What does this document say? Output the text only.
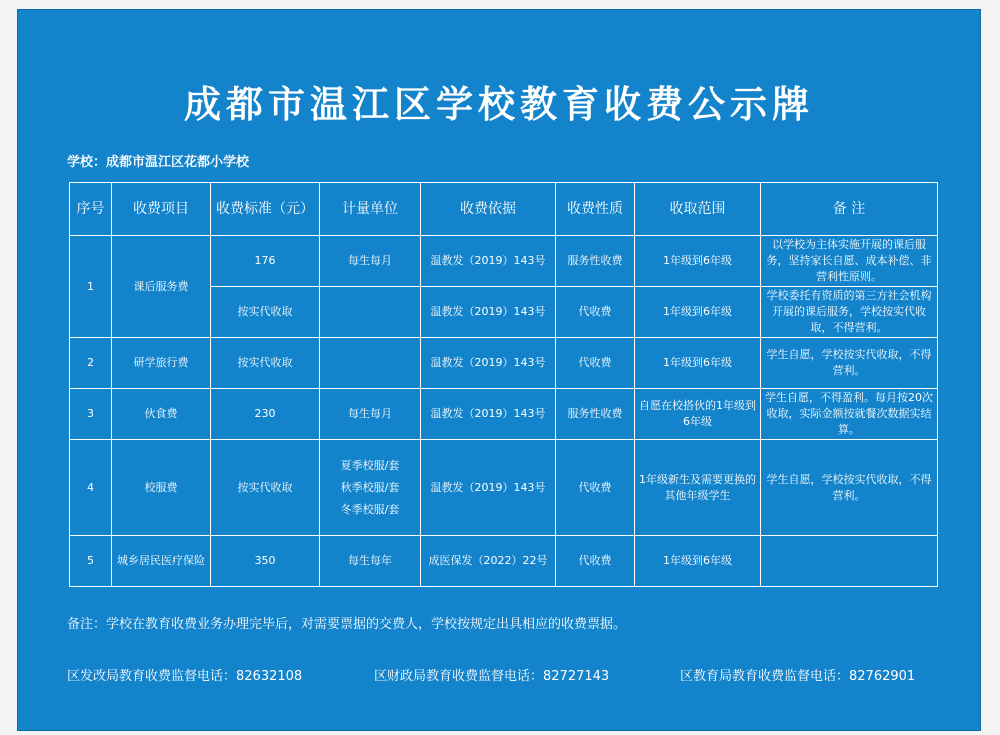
成都市温江区学校教育收费公示牌
学校：成都市温江区花都小学校
序号	收费项目	收费标准（元）	计量单位	收费依据	收费性质	收取范围	备 注
1	课后服务费	176	每生每月	温教发（2019）143号	服务性收费	1年级到6年级	以学校为主体实施开展的课后服务，坚持家长自愿、成本补偿、非营利性原则。
		按实代收取		温教发（2019）143号	代收费	1年级到6年级	学校委托有资质的第三方社会机构开展的课后服务，学校按实代收取，不得营利。
2	研学旅行费	按实代收取		温教发（2019）143号	代收费	1年级到6年级	学生自愿，学校按实代收取，不得营利。
3	伙食费	230	每生每月	温教发（2019）143号	服务性收费	自愿在校搭伙的1年级到6年级	学生自愿，不得盈利。每月按20次收取，实际金额按就餐次数据实结算。
4	校服费	按实代收取	夏季校服/套
秋季校服/套
冬季校服/套	温教发（2019）143号	代收费	1年级新生及需要更换的其他年级学生	学生自愿，学校按实代收取，不得营利。
5	城乡居民医疗保险	350	每生每年	成医保发（2022）22号	代收费	1年级到6年级	
备注：学校在教育收费业务办理完毕后，对需要票据的交费人，学校按规定出具相应的收费票据。
区发改局教育收费监督电话：82632108	区财政局教育收费监督电话：82727143	区教育局教育收费监督电话：82762901
